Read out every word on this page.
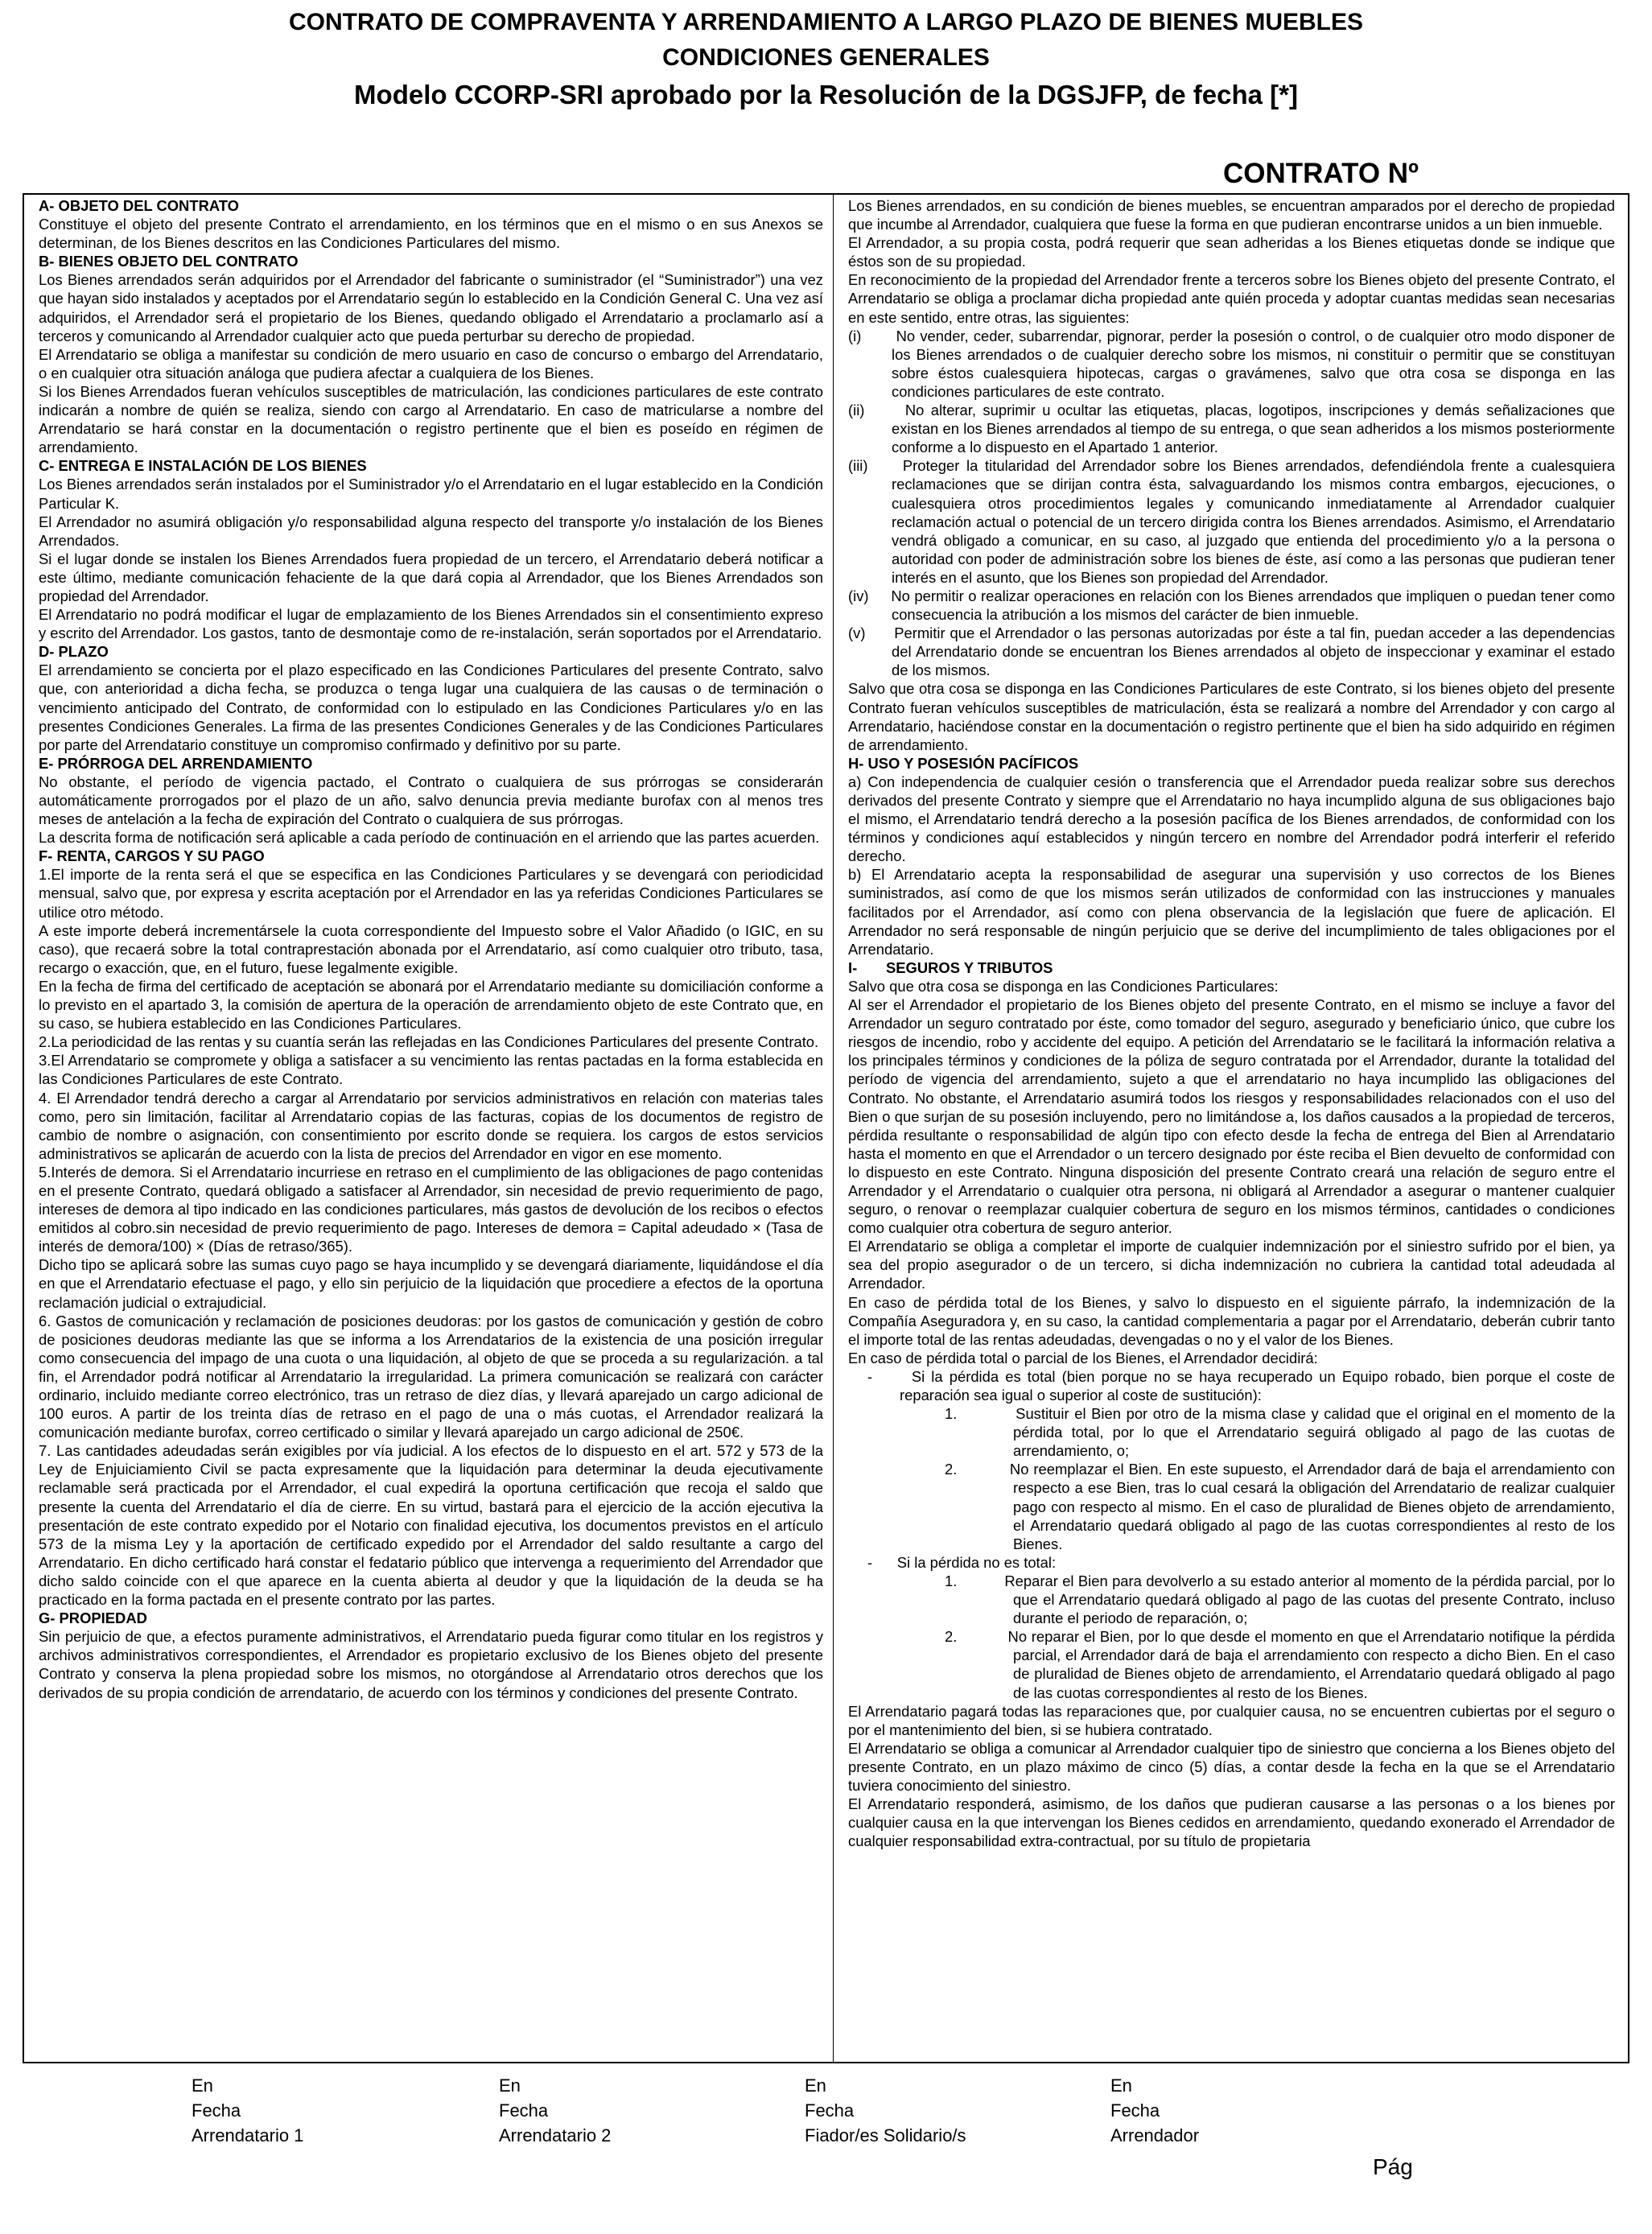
CONTRATO DE COMPRAVENTA Y ARRENDAMIENTO A LARGO PLAZO DE BIENES MUEBLES
CONDICIONES GENERALES
Modelo CCORP-SRI aprobado por la Resolución de la DGSJFP, de fecha [*]
CONTRATO Nº

A- OBJETO DEL CONTRATO

Constituye el objeto del presente Contrato el arrendamiento, en los términos que en el mismo o en sus Anexos se determinan, de los Bienes descritos en las Condiciones Particulares del mismo.

B- BIENES OBJETO DEL CONTRATO

Los Bienes arrendados serán adquiridos por el Arrendador del fabricante o suministrador (el “Suministrador”) una vez que hayan sido instalados y aceptados por el Arrendatario según lo establecido en la Condición General C. Una vez así adquiridos, el Arrendador será el propietario de los Bienes, quedando obligado el Arrendatario a proclamarlo así a terceros y comunicando al Arrendador cualquier acto que pueda perturbar su derecho de propiedad.

El Arrendatario se obliga a manifestar su condición de mero usuario en caso de concurso o embargo del Arrendatario, o en cualquier otra situación análoga que pudiera afectar a cualquiera de los Bienes.

Si los Bienes Arrendados fueran vehículos susceptibles de matriculación, las condiciones particulares de este contrato indicarán a nombre de quién se realiza, siendo con cargo al Arrendatario. En caso de matricularse a nombre del Arrendatario se hará constar en la documentación o registro pertinente que el bien es poseído en régimen de arrendamiento.

C- ENTREGA E INSTALACIÓN DE LOS BIENES

Los Bienes arrendados serán instalados por el Suministrador y/o el Arrendatario en el lugar establecido en la Condición Particular K.

El Arrendador no asumirá obligación y/o responsabilidad alguna respecto del transporte y/o instalación de los Bienes Arrendados.

Si el lugar donde se instalen los Bienes Arrendados fuera propiedad de un tercero, el Arrendatario deberá notificar a este último, mediante comunicación fehaciente de la que dará copia al Arrendador, que los Bienes Arrendados son propiedad del Arrendador.

El Arrendatario no podrá modificar el lugar de emplazamiento de los Bienes Arrendados sin el consentimiento expreso y escrito del Arrendador. Los gastos, tanto de desmontaje como de re-instalación, serán soportados por el Arrendatario.

D- PLAZO

El arrendamiento se concierta por el plazo especificado en las Condiciones Particulares del presente Contrato, salvo que, con anterioridad a dicha fecha, se produzca o tenga lugar una cualquiera de las causas o de terminación o vencimiento anticipado del Contrato, de conformidad con lo estipulado en las Condiciones Particulares y/o en las presentes Condiciones Generales. La firma de las presentes Condiciones Generales y de las Condiciones Particulares por parte del Arrendatario constituye un compromiso confirmado y definitivo por su parte.

E- PRÓRROGA DEL ARRENDAMIENTO

No obstante, el período de vigencia pactado, el Contrato o cualquiera de sus prórrogas se considerarán automáticamente prorrogados por el plazo de un año, salvo denuncia previa mediante burofax con al menos tres meses de antelación a la fecha de expiración del Contrato o cualquiera de sus prórrogas.

La descrita forma de notificación será aplicable a cada período de continuación en el arriendo que las partes acuerden.

F- RENTA, CARGOS Y SU PAGO

1.El importe de la renta será el que se especifica en las Condiciones Particulares y se devengará con periodicidad mensual, salvo que, por expresa y escrita aceptación por el Arrendador en las ya referidas Condiciones Particulares se utilice otro método.

A este importe deberá incrementársele la cuota correspondiente del Impuesto sobre el Valor Añadido (o IGIC, en su caso), que recaerá sobre la total contraprestación abonada por el Arrendatario, así como cualquier otro tributo, tasa, recargo o exacción, que, en el futuro, fuese legalmente exigible.

En la fecha de firma del certificado de aceptación se abonará por el Arrendatario mediante su domiciliación conforme a lo previsto en el apartado 3, la comisión de apertura de la operación de arrendamiento objeto de este Contrato que, en su caso, se hubiera establecido en las Condiciones Particulares.

2.La periodicidad de las rentas y su cuantía serán las reflejadas en las Condiciones Particulares del presente Contrato.

3.El Arrendatario se compromete y obliga a satisfacer a su vencimiento las rentas pactadas en la forma establecida en las Condiciones Particulares de este Contrato.

4. El Arrendador tendrá derecho a cargar al Arrendatario por servicios administrativos en relación con materias tales como, pero sin limitación, facilitar al Arrendatario copias de las facturas, copias de los documentos de registro de cambio de nombre o asignación, con consentimiento por escrito donde se requiera. los cargos de estos servicios administrativos se aplicarán de acuerdo con la lista de precios del Arrendador en vigor en ese momento.

5.Interés de demora. Si el Arrendatario incurriese en retraso en el cumplimiento de las obligaciones de pago contenidas en el presente Contrato, quedará obligado a satisfacer al Arrendador, sin necesidad de previo requerimiento de pago, intereses de demora al tipo indicado en las condiciones particulares, más gastos de devolución de los recibos o efectos emitidos al cobro.sin necesidad de previo requerimiento de pago. Intereses de demora = Capital adeudado × (Tasa de interés de demora/100) × (Días de retraso/365).

Dicho tipo se aplicará sobre las sumas cuyo pago se haya incumplido y se devengará diariamente, liquidándose el día en que el Arrendatario efectuase el pago, y ello sin perjuicio de la liquidación que procediere a efectos de la oportuna reclamación judicial o extrajudicial.

6. Gastos de comunicación y reclamación de posiciones deudoras: por los gastos de comunicación y gestión de cobro de posiciones deudoras mediante las que se informa a los Arrendatarios de la existencia de una posición irregular como consecuencia del impago de una cuota o una liquidación, al objeto de que se proceda a su regularización. a tal fin, el Arrendador podrá notificar al Arrendatario la irregularidad. La primera comunicación se realizará con carácter ordinario, incluido mediante correo electrónico, tras un retraso de diez días, y llevará aparejado un cargo adicional de 100 euros. A partir de los treinta días de retraso en el pago de una o más cuotas, el Arrendador realizará la comunicación mediante burofax, correo certificado o similar y llevará aparejado un cargo adicional de 250€.

7. Las cantidades adeudadas serán exigibles por vía judicial. A los efectos de lo dispuesto en el art. 572 y 573 de la Ley de Enjuiciamiento Civil se pacta expresamente que la liquidación para determinar la deuda ejecutivamente reclamable será practicada por el Arrendador, el cual expedirá la oportuna certificación que recoja el saldo que presente la cuenta del Arrendatario el día de cierre. En su virtud, bastará para el ejercicio de la acción ejecutiva la presentación de este contrato expedido por el Notario con finalidad ejecutiva, los documentos previstos en el artículo 573 de la misma Ley y la aportación de certificado expedido por el Arrendador del saldo resultante a cargo del Arrendatario. En dicho certificado hará constar el fedatario público que intervenga a requerimiento del Arrendador que dicho saldo coincide con el que aparece en la cuenta abierta al deudor y que la liquidación de la deuda se ha practicado en la forma pactada en el presente contrato por las partes.

G- PROPIEDAD

Sin perjuicio de que, a efectos puramente administrativos, el Arrendatario pueda figurar como titular en los registros y archivos administrativos correspondientes, el Arrendador es propietario exclusivo de los Bienes objeto del presente Contrato y conserva la plena propiedad sobre los mismos, no otorgándose al Arrendatario otros derechos que los derivados de su propia condición de arrendatario, de acuerdo con los términos y condiciones del presente Contrato.

Los Bienes arrendados, en su condición de bienes muebles, se encuentran amparados por el derecho de propiedad que incumbe al Arrendador, cualquiera que fuese la forma en que pudieran encontrarse unidos a un bien inmueble.

El Arrendador, a su propia costa, podrá requerir que sean adheridas a los Bienes etiquetas donde se indique que éstos son de su propiedad.

En reconocimiento de la propiedad del Arrendador frente a terceros sobre los Bienes objeto del presente Contrato, el Arrendatario se obliga a proclamar dicha propiedad ante quién proceda y adoptar cuantas medidas sean necesarias en este sentido, entre otras, las siguientes:

(i)       No vender, ceder, subarrendar, pignorar, perder la posesión o control, o de cualquier otro modo disponer de los Bienes arrendados o de cualquier derecho sobre los mismos, ni constituir o permitir que se constituyan sobre éstos cualesquiera hipotecas, cargas o gravámenes, salvo que otra cosa se disponga en las condiciones particulares de este contrato.

(ii)      No alterar, suprimir u ocultar las etiquetas, placas, logotipos, inscripciones y demás señalizaciones que existan en los Bienes arrendados al tiempo de su entrega, o que sean adheridos a los mismos posteriormente conforme a lo dispuesto en el Apartado 1 anterior.

(iii)     Proteger la titularidad del Arrendador sobre los Bienes arrendados, defendiéndola frente a cualesquiera reclamaciones que se dirijan contra ésta, salvaguardando los mismos contra embargos, ejecuciones, o cualesquiera otros procedimientos legales y comunicando inmediatamente al Arrendador cualquier reclamación actual o potencial de un tercero dirigida contra los Bienes arrendados. Asimismo, el Arrendatario vendrá obligado a comunicar, en su caso, al juzgado que entienda del procedimiento y/o a la persona o autoridad con poder de administración sobre los bienes de éste, así como a las personas que pudieran tener interés en el asunto, que los Bienes son propiedad del Arrendador.

(iv)     No permitir o realizar operaciones en relación con los Bienes arrendados que impliquen o puedan tener como consecuencia la atribución a los mismos del carácter de bien inmueble.

(v)      Permitir que el Arrendador o las personas autorizadas por éste a tal fin, puedan acceder a las dependencias del Arrendatario donde se encuentran los Bienes arrendados al objeto de inspeccionar y examinar el estado de los mismos.

Salvo que otra cosa se disponga en las Condiciones Particulares de este Contrato, si los bienes objeto del presente Contrato fueran vehículos susceptibles de matriculación, ésta se realizará a nombre del Arrendador y con cargo al Arrendatario, haciéndose constar en la documentación o registro pertinente que el bien ha sido adquirido en régimen de arrendamiento.

H- USO Y POSESIÓN PACÍFICOS

a) Con independencia de cualquier cesión o transferencia que el Arrendador pueda realizar sobre sus derechos derivados del presente Contrato y siempre que el Arrendatario no haya incumplido alguna de sus obligaciones bajo el mismo, el Arrendatario tendrá derecho a la posesión pacífica de los Bienes arrendados, de conformidad con los términos y condiciones aquí establecidos y ningún tercero en nombre del Arrendador podrá interferir el referido derecho.

b) El Arrendatario acepta la responsabilidad de asegurar una supervisión y uso correctos de los Bienes suministrados, así como de que los mismos serán utilizados de conformidad con las instrucciones y manuales facilitados por el Arrendador, así como con plena observancia de la legislación que fuere de aplicación. El Arrendador no será responsable de ningún perjuicio que se derive del incumplimiento de tales obligaciones por el Arrendatario.

I-       SEGUROS Y TRIBUTOS

Salvo que otra cosa se disponga en las Condiciones Particulares:

Al ser el Arrendador el propietario de los Bienes objeto del presente Contrato, en el mismo se incluye a favor del Arrendador un seguro contratado por éste, como tomador del seguro, asegurado y beneficiario único, que cubre los riesgos de incendio, robo y accidente del equipo. A petición del Arrendatario se le facilitará la información relativa a los principales términos y condiciones de la póliza de seguro contratada por el Arrendador, durante la totalidad del período de vigencia del arrendamiento, sujeto a que el arrendatario no haya incumplido las obligaciones del Contrato. No obstante, el Arrendatario asumirá todos los riesgos y responsabilidades relacionados con el uso del Bien o que surjan de su posesión incluyendo, pero no limitándose a, los daños causados a la propiedad de terceros, pérdida resultante o responsabilidad de algún tipo con efecto desde la fecha de entrega del Bien al Arrendatario hasta el momento en que el Arrendador o un tercero designado por éste reciba el Bien devuelto de conformidad con lo dispuesto en este Contrato. Ninguna disposición del presente Contrato creará una relación de seguro entre el Arrendador y el Arrendatario o cualquier otra persona, ni obligará al Arrendador a asegurar o mantener cualquier seguro, o renovar o reemplazar cualquier cobertura de seguro en los mismos términos, cantidades o condiciones como cualquier otra cobertura de seguro anterior.

El Arrendatario se obliga a completar el importe de cualquier indemnización por el siniestro sufrido por el bien, ya sea del propio asegurador o de un tercero, si dicha indemnización no cubriera la cantidad total adeudada al Arrendador.

En caso de pérdida total de los Bienes, y salvo lo dispuesto en el siguiente párrafo, la indemnización de la Compañía Aseguradora y, en su caso, la cantidad complementaria a pagar por el Arrendatario, deberán cubrir tanto el importe total de las rentas adeudadas, devengadas o no y el valor de los Bienes.

En caso de pérdida total o parcial de los Bienes, el Arrendador decidirá:

-      Si la pérdida es total (bien porque no se haya recuperado un Equipo robado, bien porque el coste de reparación sea igual o superior al coste de sustitución):

1.           Sustituir el Bien por otro de la misma clase y calidad que el original en el momento de la pérdida total, por lo que el Arrendatario seguirá obligado al pago de las cuotas de arrendamiento, o;

2.           No reemplazar el Bien. En este supuesto, el Arrendador dará de baja el arrendamiento con respecto a ese Bien, tras lo cual cesará la obligación del Arrendatario de realizar cualquier pago con respecto al mismo. En el caso de pluralidad de Bienes objeto de arrendamiento, el Arrendatario quedará obligado al pago de las cuotas correspondientes al resto de los Bienes.

-      Si la pérdida no es total:

1.           Reparar el Bien para devolverlo a su estado anterior al momento de la pérdida parcial, por lo que el Arrendatario quedará obligado al pago de las cuotas del presente Contrato, incluso durante el periodo de reparación, o;

2.           No reparar el Bien, por lo que desde el momento en que el Arrendatario notifique la pérdida parcial, el Arrendador dará de baja el arrendamiento con respecto a dicho Bien. En el caso de pluralidad de Bienes objeto de arrendamiento, el Arrendatario quedará obligado al pago de las cuotas correspondientes al resto de los Bienes.

El Arrendatario pagará todas las reparaciones que, por cualquier causa, no se encuentren cubiertas por el seguro o por el mantenimiento del bien, si se hubiera contratado.

El Arrendatario se obliga a comunicar al Arrendador cualquier tipo de siniestro que concierna a los Bienes objeto del presente Contrato, en un plazo máximo de cinco (5) días, a contar desde la fecha en la que se el Arrendatario tuviera conocimiento del siniestro.

El Arrendatario responderá, asimismo, de los daños que pudieran causarse a las personas o a los bienes por cualquier causa en la que intervengan los Bienes cedidos en arrendamiento, quedando exonerado el Arrendador de cualquier responsabilidad extra-contractual, por su título de propietaria

En
Fecha
Arrendatario 1
En
Fecha
Arrendatario 2
En
Fecha
Fiador/es Solidario/s
En
Fecha
Arrendador
Pág
